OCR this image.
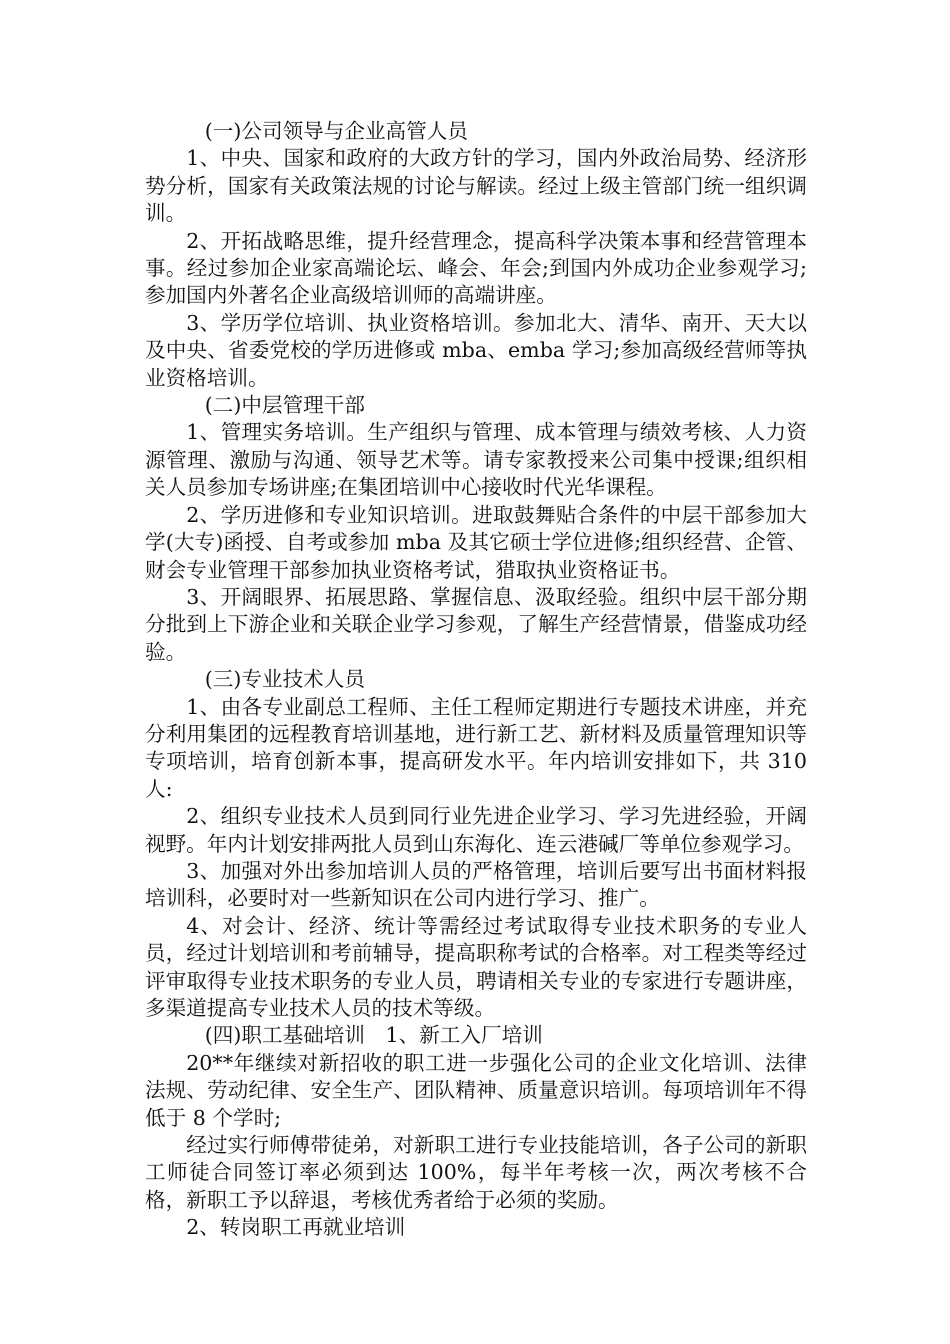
(一)公司领导与企业高管人员

1、中央、国家和政府的大政方针的学习，国内外政治局势、经济形势分析，国家有关政策法规的讨论与解读。经过上级主管部门统一组织调训。

2、开拓战略思维，提升经营理念，提高科学决策本事和经营管理本事。经过参加企业家高端论坛、峰会、年会;到国内外成功企业参观学习;参加国内外著名企业高级培训师的高端讲座。

3、学历学位培训、执业资格培训。参加北大、清华、南开、天大以及中央、省委党校的学历进修或 mba、emba 学习;参加高级经营师等执业资格培训。

(二)中层管理干部

1、管理实务培训。生产组织与管理、成本管理与绩效考核、人力资源管理、激励与沟通、领导艺术等。请专家教授来公司集中授课;组织相关人员参加专场讲座;在集团培训中心接收时代光华课程。

2、学历进修和专业知识培训。进取鼓舞贴合条件的中层干部参加大学(大专)函授、自考或参加 mba 及其它硕士学位进修;组织经营、企管、财会专业管理干部参加执业资格考试，猎取执业资格证书。

3、开阔眼界、拓展思路、掌握信息、汲取经验。组织中层干部分期分批到上下游企业和关联企业学习参观，了解生产经营情景，借鉴成功经验。

(三)专业技术人员

1、由各专业副总工程师、主任工程师定期进行专题技术讲座，并充分利用集团的远程教育培训基地，进行新工艺、新材料及质量管理知识等专项培训，培育创新本事，提高研发水平。年内培训安排如下，共 310 人:

2、组织专业技术人员到同行业先进企业学习、学习先进经验，开阔视野。年内计划安排两批人员到山东海化、连云港碱厂等单位参观学习。

3、加强对外出参加培训人员的严格管理，培训后要写出书面材料报培训科，必要时对一些新知识在公司内进行学习、推广。

4、对会计、经济、统计等需经过考试取得专业技术职务的专业人员，经过计划培训和考前辅导，提高职称考试的合格率。对工程类等经过评审取得专业技术职务的专业人员，聘请相关专业的专家进行专题讲座，多渠道提高专业技术人员的技术等级。

(四)职工基础培训　1、新工入厂培训

20**年继续对新招收的职工进一步强化公司的企业文化培训、法律法规、劳动纪律、安全生产、团队精神、质量意识培训。每项培训年不得低于 8 个学时;

经过实行师傅带徒弟，对新职工进行专业技能培训，各子公司的新职工师徒合同签订率必须到达 100%，每半年考核一次，两次考核不合格，新职工予以辞退，考核优秀者给于必须的奖励。

2、转岗职工再就业培训
